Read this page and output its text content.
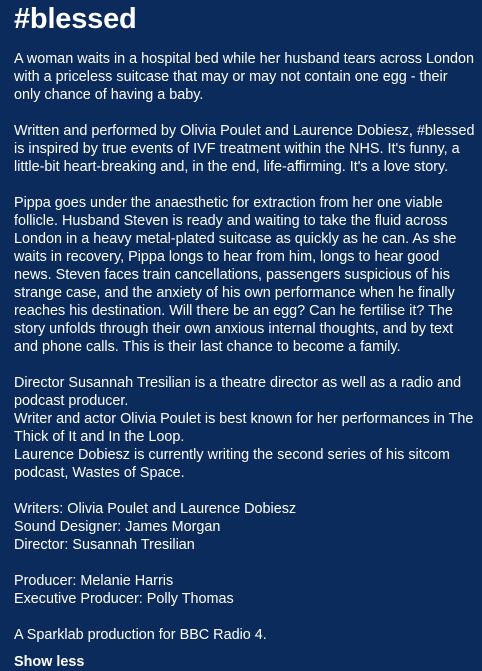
#blessed

A woman waits in a hospital bed while her husband tears across London
with a priceless suitcase that may or may not contain one egg - their
only chance of having a baby.

Written and performed by Olivia Poulet and Laurence Dobiesz, #blessed
is inspired by true events of IVF treatment within the NHS. It's funny, a
little-bit heart-breaking and, in the end, life-affirming. It's a love story.

Pippa goes under the anaesthetic for extraction from her one viable
follicle. Husband Steven is ready and waiting to take the fluid across
London in a heavy metal-plated suitcase as quickly as he can. As she
waits in recovery, Pippa longs to hear from him, longs to hear good
news. Steven faces train cancellations, passengers suspicious of his
strange case, and the anxiety of his own performance when he finally
reaches his destination. Will there be an egg? Can he fertilise it? The
story unfolds through their own anxious internal thoughts, and by text
and phone calls. This is their last chance to become a family.

Director Susannah Tresilian is a theatre director as well as a radio and
podcast producer.
Writer and actor Olivia Poulet is best known for her performances in The
Thick of It and In the Loop.
Laurence Dobiesz is currently writing the second series of his sitcom
podcast, Wastes of Space.

Writers: Olivia Poulet and Laurence Dobiesz
Sound Designer: James Morgan
Director: Susannah Tresilian

Producer: Melanie Harris
Executive Producer: Polly Thomas

A Sparklab production for BBC Radio 4.

Show less
